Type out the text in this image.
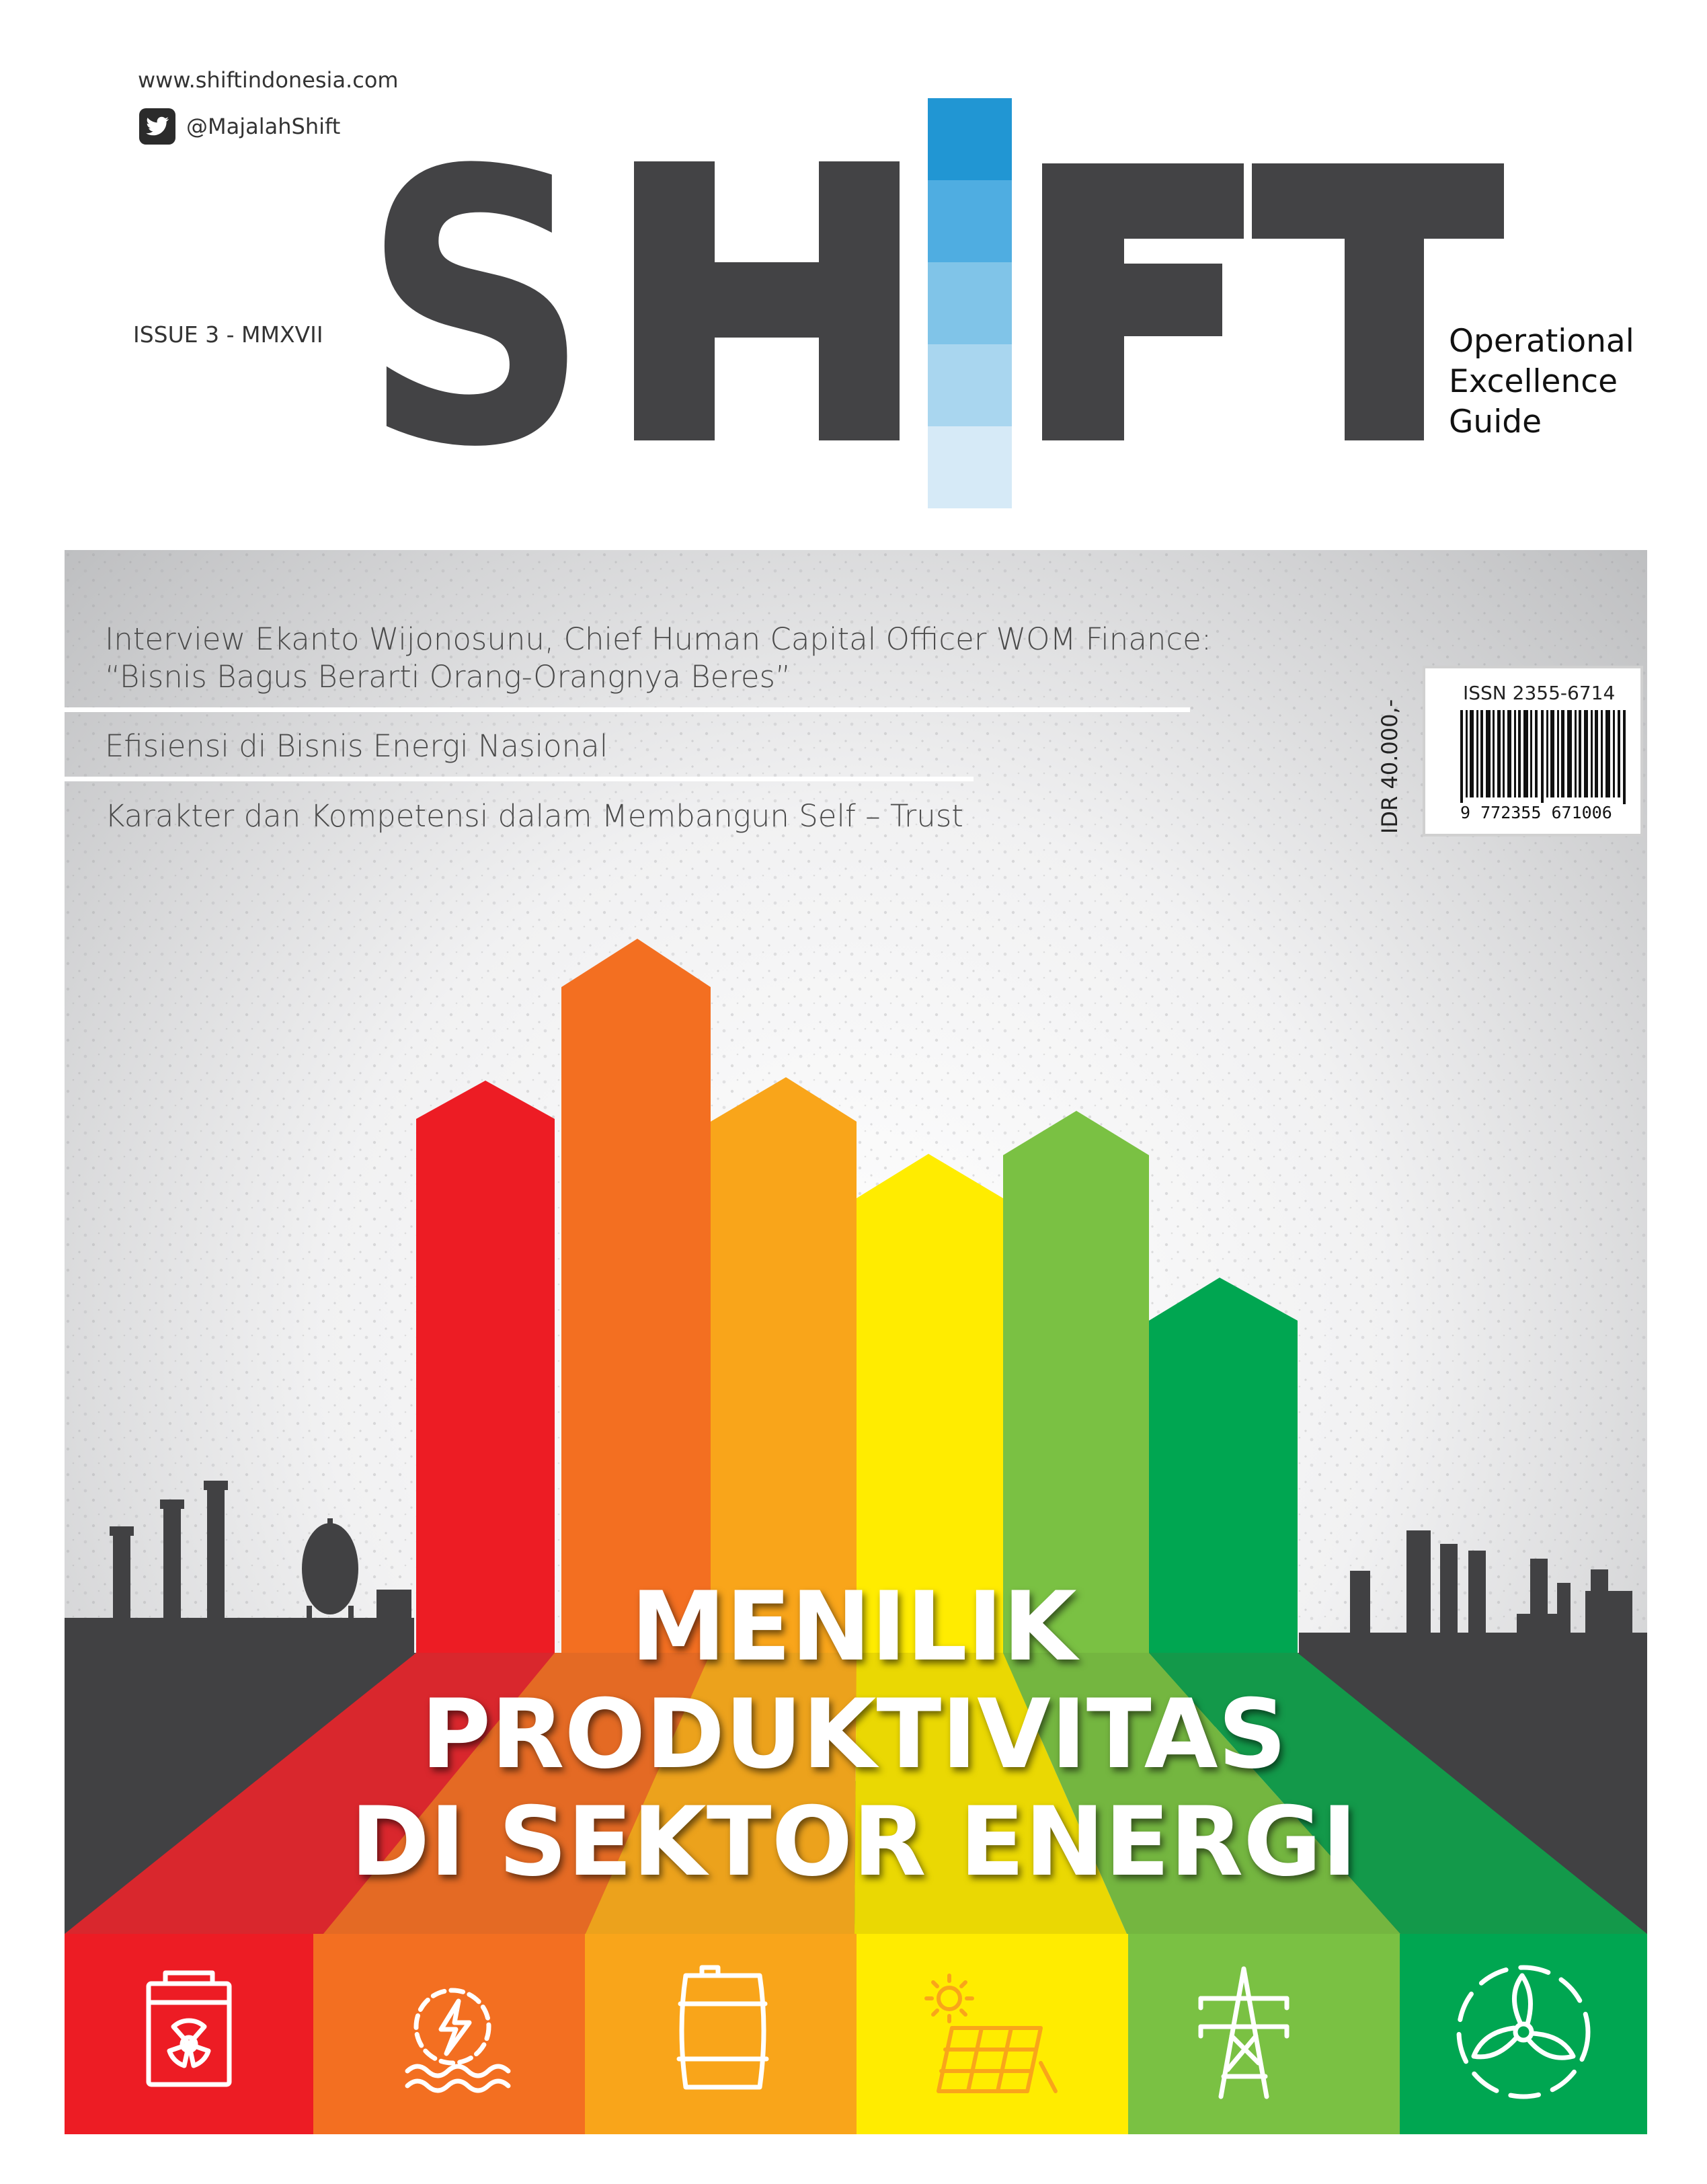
www.shiftindonesia.com
@MajalahShift
ISSUE 3 - MMXVII S	Operational
Excellence
Guide
Interview Ekanto Wijonosunu, Chief Human Capital Officer WOM Finance:
“Bisnis Bagus Berarti Orang-Orangnya Beres”
Efisiensi di Bisnis Energi Nasional
Karakter dan Kompetensi dalam Membangun Self – Trust	IDR 40.000,-
ISSN 2355-6714
9 772355 671006
MENILIK
PRODUKTIVITAS
DI SEKTOR ENERGI
